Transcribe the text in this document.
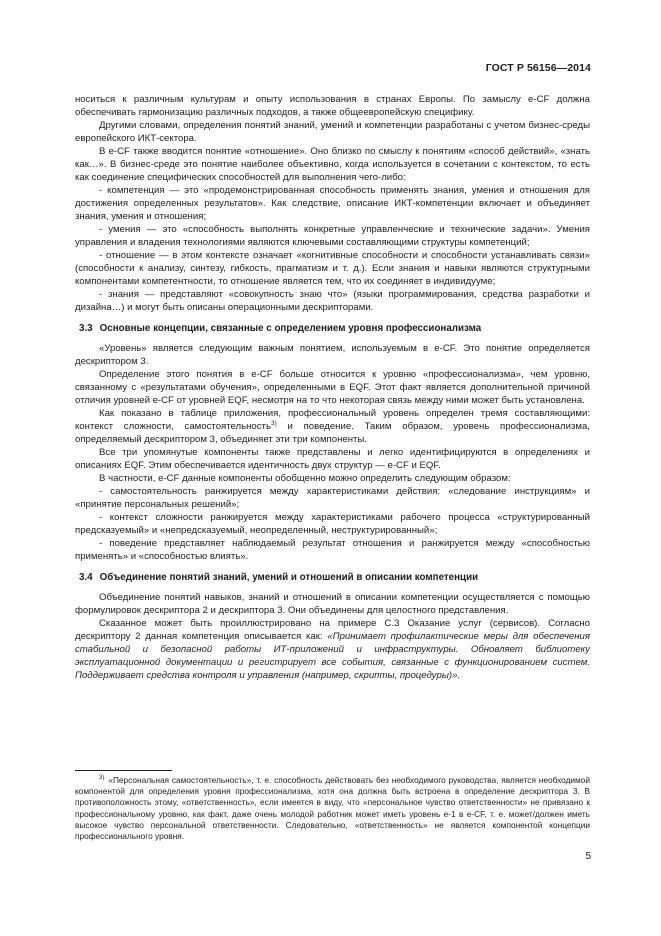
ГОСТ Р 56156—2014

носиться к различным культурам и опыту использования в странах Европы. По замыслу e-CF должна обеспечивать гармонизацию различных подходов, а также общеевропейскую специфику.

Другими словами, определения понятий знаний, умений и компетенции разработаны с учетом бизнес-среды европейского ИКТ-сектора.

В e-CF также вводится понятие «отношение». Оно близко по смыслу к понятиям «способ действий», «знать как…». В бизнес-среде это понятие наиболее объективно, когда используется в сочетании с контекстом, то есть как соединение специфических способностей для выполнения чего-либо:

- компетенция — это «продемонстрированная способность применять знания, умения и отношения для достижения определенных результатов». Как следствие, описание ИКТ-компетенции включает и объединяет знания, умения и отношения;

- умения — это «способность выполнять конкретные управленческие и технические задачи». Умения управления и владения технологиями являются ключевыми составляющими структуры компетенций;

- отношение — в этом контексте означает «когнитивные способности и способности устанавливать связи» (способности к анализу, синтезу, гибкость, прагматизм и т. д.). Если знания и навыки являются структурными компонентами компетентности, то отношение является тем, что их соединяет в индивидууме;

- знания — представляют «совокупность знаю что» (языки программирования, средства разработки и дизайна…) и могут быть описаны операционными дескрипторами.

3.3 Основные концепции, связанные с определением уровня профессионализма

«Уровень» является следующим важным понятием, используемым в e-CF. Это понятие определяется дескриптором 3.

Определение этого понятия в e-CF больше относится к уровню «профессионализма», чем уровню, связанному с «результатами обучения», определенными в EQF. Этот факт является дополнительной причиной отличия уровней e-CF от уровней EQF, несмотря на то что некоторая связь между ними может быть установлена.

Как показано в таблице приложения, профессиональный уровень определен тремя составляющими: контекст сложности, самостоятельность$^{3)}$ и поведение. Таким образом, уровень профессионализма, определяемый дескриптором 3, объединяет эти три компоненты.

Все три упомянутые компоненты также представлены и легко идентифицируются в определениях и описаниях EQF. Этим обеспечивается идентичность двух структур — e-CF и EQF.

В частности, e-CF данные компоненты обобщенно можно определить следующим образом:

- самостоятельность ранжируется между характеристиками действия: «следование инструкциям» и «принятие персональных решений»;

- контекст сложности ранжируется между характеристиками рабочего процесса «структурированный предсказуемый» и «непредсказуемый, неопределенный, неструктурированный»;

- поведение представляет наблюдаемый результат отношения и ранжируется между «способностью применять» и «способностью влиять».

3.4 Объединение понятий знаний, умений и отношений в описании компетенции

Объединение понятий навыков, знаний и отношений в описании компетенции осуществляется с помощью формулировок дескриптора 2 и дескриптора 3. Они объединены для целостного представления.

Сказанное может быть проиллюстрировано на примере С.3 Оказание услуг (сервисов). Согласно дескриптору 2 данная компетенция описывается как: «Принимает профилактические меры для обеспечения стабильной и безопасной работы ИТ-приложений и инфраструктуры. Обновляет библиотеку эксплуатационной документации и регистрирует все события, связанные с функционированием систем. Поддерживает средства контроля и управления (например, скрипты, процедуры)».

$^{3)}$ «Персональная самостоятельность», т. е. способность действовать без необходимого руководства, является необходимой компонентой для определения уровня профессионализма, хотя она должна быть встроена в определение дескриптора 3. В противоположность этому, «ответственность», если имеется в виду, что «персональное чувство ответственности» не привязано к профессиональному уровню, как факт, даже очень молодой работник может иметь уровень e-1 в e-CF, т. е. может/должен иметь высокое чувство персональной ответственности. Следовательно, «ответственность» не является компонентой концепции профессионального уровня.

5
